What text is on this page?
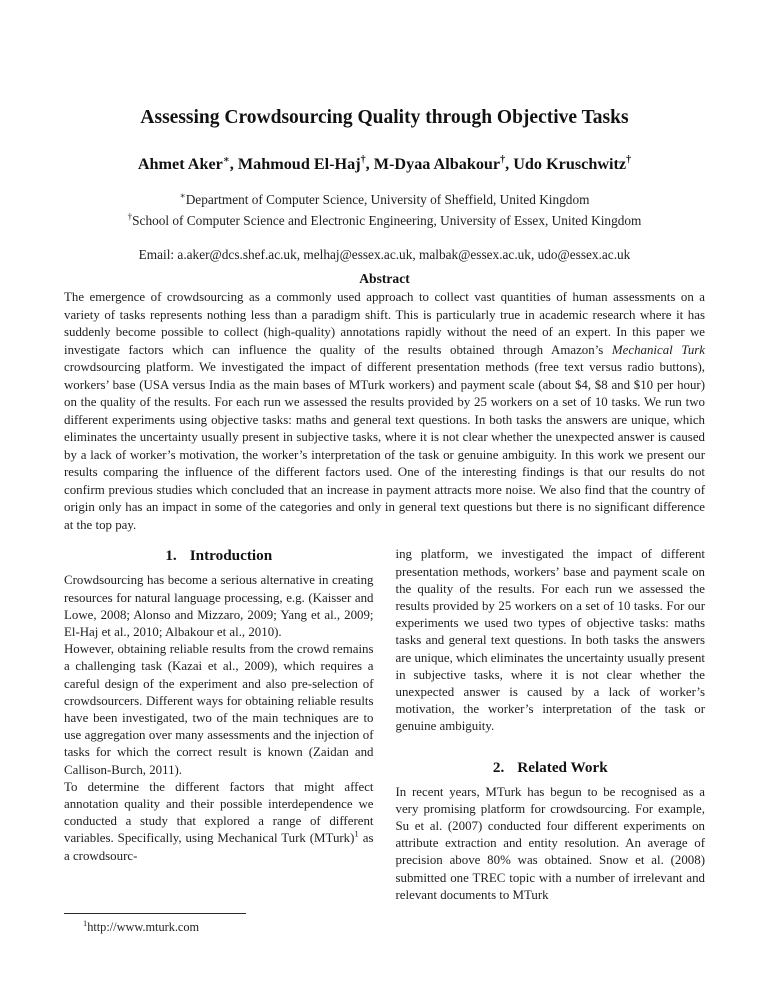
Assessing Crowdsourcing Quality through Objective Tasks
Ahmet Aker∗, Mahmoud El-Haj†, M-Dyaa Albakour†, Udo Kruschwitz†
∗Department of Computer Science, University of Sheffield, United Kingdom
†School of Computer Science and Electronic Engineering, University of Essex, United Kingdom
Email: a.aker@dcs.shef.ac.uk, melhaj@essex.ac.uk, malbak@essex.ac.uk, udo@essex.ac.uk
Abstract
The emergence of crowdsourcing as a commonly used approach to collect vast quantities of human assessments on a variety of tasks represents nothing less than a paradigm shift. This is particularly true in academic research where it has suddenly become possible to collect (high-quality) annotations rapidly without the need of an expert. In this paper we investigate factors which can influence the quality of the results obtained through Amazon’s Mechanical Turk crowdsourcing platform. We investigated the impact of different presentation methods (free text versus radio buttons), workers’ base (USA versus India as the main bases of MTurk workers) and payment scale (about $4, $8 and $10 per hour) on the quality of the results. For each run we assessed the results provided by 25 workers on a set of 10 tasks. We run two different experiments using objective tasks: maths and general text questions. In both tasks the answers are unique, which eliminates the uncertainty usually present in subjective tasks, where it is not clear whether the unexpected answer is caused by a lack of worker’s motivation, the worker’s interpretation of the task or genuine ambiguity. In this work we present our results comparing the influence of the different factors used. One of the interesting findings is that our results do not confirm previous studies which concluded that an increase in payment attracts more noise. We also find that the country of origin only has an impact in some of the categories and only in general text questions but there is no significant difference at the top pay.
1. Introduction

Crowdsourcing has become a serious alternative in creating resources for natural language processing, e.g. (Kaisser and Lowe, 2008; Alonso and Mizzaro, 2009; Yang et al., 2009; El-Haj et al., 2010; Albakour et al., 2010).

However, obtaining reliable results from the crowd remains a challenging task (Kazai et al., 2009), which requires a careful design of the experiment and also pre-selection of crowdsourcers. Different ways for obtaining reliable results have been investigated, two of the main techniques are to use aggregation over many assessments and the injection of tasks for which the correct result is known (Zaidan and Callison-Burch, 2011).

To determine the different factors that might affect annotation quality and their possible interdependence we conducted a study that explored a range of different variables. Specifically, using Mechanical Turk (MTurk)$^1$ as a crowdsourc-

$^1$http://www.mturk.com

ing platform, we investigated the impact of different presentation methods, workers’ base and payment scale on the quality of the results. For each run we assessed the results provided by 25 workers on a set of 10 tasks. For our experiments we used two types of objective tasks: maths tasks and general text questions. In both tasks the answers are unique, which eliminates the uncertainty usually present in subjective tasks, where it is not clear whether the unexpected answer is caused by a lack of worker’s motivation, the worker’s interpretation of the task or genuine ambiguity.

2. Related Work

In recent years, MTurk has begun to be recognised as a very promising platform for crowdsourcing. For example, Su et al. (2007) conducted four different experiments on attribute extraction and entity resolution. An average of precision above 80% was obtained. Snow et al. (2008) submitted one TREC topic with a number of irrelevant and relevant documents to MTurk
